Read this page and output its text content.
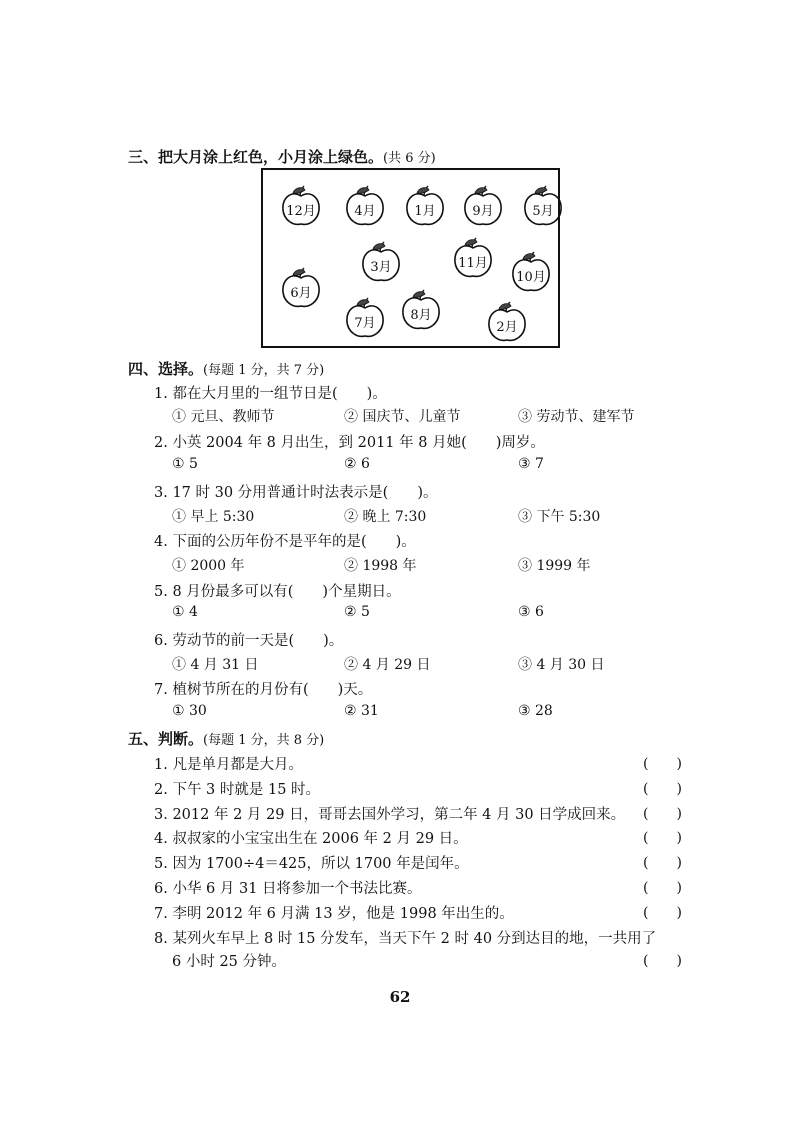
三、把大月涂上红色，小月涂上绿色。(共 6 分)
12月	4月	1月	9月	5月
3月	11月
10月
6月
7月
8月
2月
四、选择。(每题 1 分，共 7 分)
1. 都在大月里的一组节日是(　　)。
① 元旦、教师节	② 国庆节、儿童节	③ 劳动节、建军节
2. 小英 2004 年 8 月出生，到 2011 年 8 月她(　　)周岁。
① 5	② 6	③ 7
3. 17 时 30 分用普通计时法表示是(　　)。
① 早上 5:30	② 晚上 7:30	③ 下午 5:30
4. 下面的公历年份不是平年的是(　　)。
① 2000 年	② 1998 年	③ 1999 年
5. 8 月份最多可以有(　　)个星期日。
① 4	② 5	③ 6
6. 劳动节的前一天是(　　)。
① 4 月 31 日	② 4 月 29 日	③ 4 月 30 日
7. 植树节所在的月份有(　　)天。
① 30	② 31	③ 28
五、判断。(每题 1 分，共 8 分)
1. 凡是单月都是大月。	(　　)
2. 下午 3 时就是 15 时。	(　　)
3. 2012 年 2 月 29 日，哥哥去国外学习，第二年 4 月 30 日学成回来。 (　　)
4. 叔叔家的小宝宝出生在 2006 年 2 月 29 日。	(　　)
5. 因为 1700÷4＝425，所以 1700 年是闰年。	(　　)
6. 小华 6 月 31 日将参加一个书法比赛。	(　　)
7. 李明 2012 年 6 月满 13 岁，他是 1998 年出生的。	(　　)
8. 某列火车早上 8 时 15 分发车，当天下午 2 时 40 分到达目的地，一共用了
6 小时 25 分钟。	(　　)
62
